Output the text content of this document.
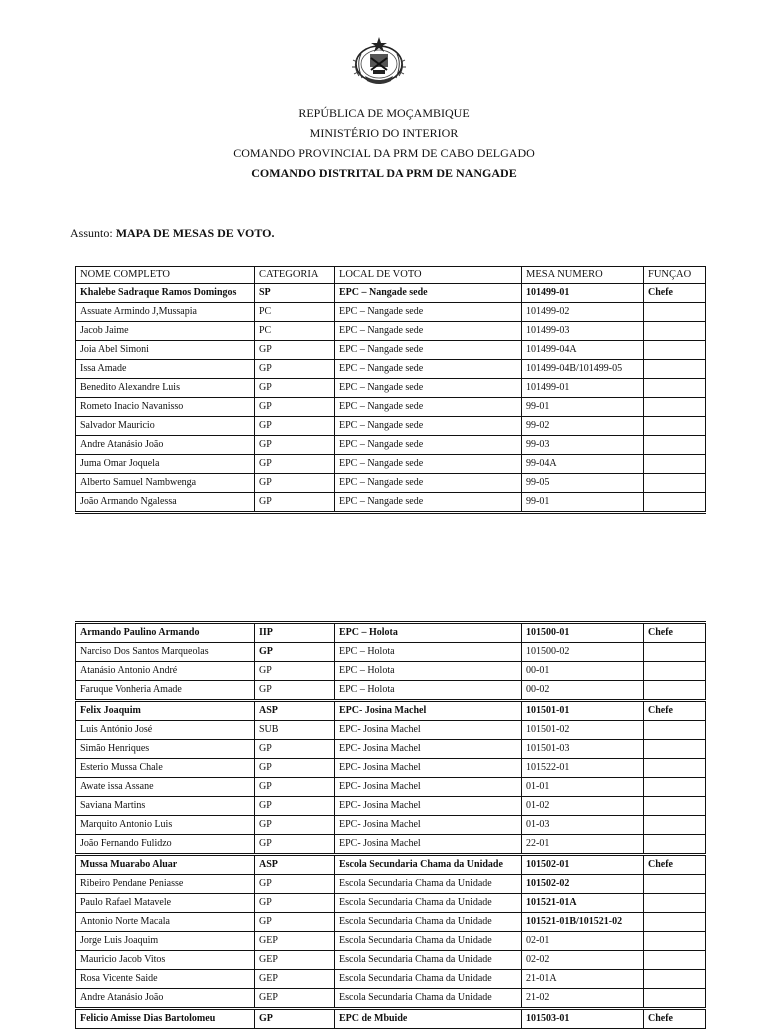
REPÚBLICA DE MOÇAMBIQUE
MINISTÉRIO DO INTERIOR
COMANDO PROVINCIAL DA PRM DE CABO DELGADO
COMANDO DISTRITAL DA PRM DE NANGADE
Assunto: MAPA DE MESAS DE VOTO.
NOME COMPLETO	CATEGORIA	LOCAL DE VOTO	MESA NUMERO	FUNÇAO
Khalebe Sadraque Ramos Domingos	SP	EPC – Nangade sede	101499-01	Chefe
Assuate Armindo J,Mussapia	PC	EPC – Nangade sede	101499-02	
Jacob Jaime	PC	EPC – Nangade sede	101499-03	
Joia Abel Simoni	GP	EPC – Nangade sede	101499-04A	
Issa Amade	GP	EPC – Nangade sede	101499-04B/101499-05	
Benedito Alexandre Luis	GP	EPC – Nangade sede	101499-01	
Rometo Inacio Navanisso	GP	EPC – Nangade sede	99-01	
Salvador Mauricio	GP	EPC – Nangade sede	99-02	
Andre Atanásio João	GP	EPC – Nangade sede	99-03	
Juma Omar Joquela	GP	EPC – Nangade sede	99-04A	
Alberto Samuel Nambwenga	GP	EPC – Nangade sede	99-05	
João Armando Ngalessa	GP	EPC – Nangade sede	99-01	
Armando Paulino Armando	IIP	EPC – Holota	101500-01	Chefe
Narciso Dos Santos Marqueolas	GP	EPC – Holota	101500-02	
Atanásio Antonio André	GP	EPC – Holota	00-01	
Faruque Vonheria Amade	GP	EPC – Holota	00-02	
Felix Joaquim	ASP	EPC- Josina Machel	101501-01	Chefe
Luis António José	SUB	EPC- Josina Machel	101501-02	
Simão Henriques	GP	EPC- Josina Machel	101501-03	
Esterio Mussa Chale	GP	EPC- Josina Machel	101522-01	
Awate issa Assane	GP	EPC- Josina Machel	01-01	
Saviana Martins	GP	EPC- Josina Machel	01-02	
Marquito Antonio Luis	GP	EPC- Josina Machel	01-03	
João Fernando Fulidzo	GP	EPC- Josina Machel	22-01	
Mussa Muarabo Aluar	ASP	Escola Secundaria Chama da Unidade	101502-01	Chefe
Ribeiro Pendane Peniasse	GP	Escola Secundaria Chama da Unidade	101502-02	
Paulo Rafael Matavele	GP	Escola Secundaria Chama da Unidade	101521-01A	
Antonio Norte Macala	GP	Escola Secundaria Chama da Unidade	101521-01B/101521-02	
Jorge Luis Joaquim	GEP	Escola Secundaria Chama da Unidade	02-01	
Mauricio Jacob Vitos	GEP	Escola Secundaria Chama da Unidade	02-02	
Rosa Vicente Saide	GEP	Escola Secundaria Chama da Unidade	21-01A	
Andre Atanásio João	GEP	Escola Secundaria Chama da Unidade	21-02	
Felicio Amisse Dias Bartolomeu	GP	EPC de Mbuide	101503-01	Chefe
